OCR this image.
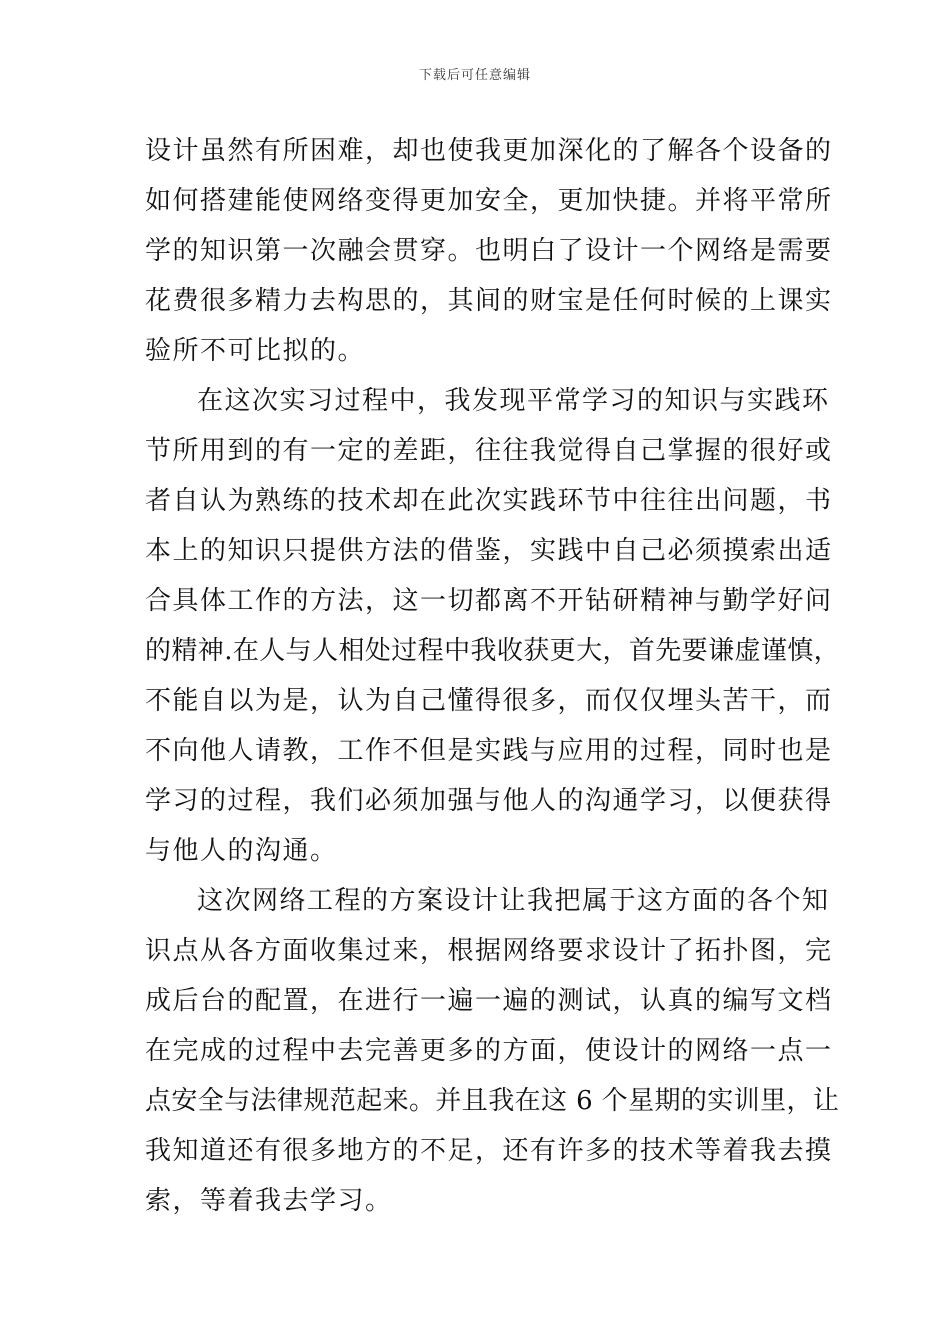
下载后可任意编辑
设计虽然有所困难，却也使我更加深化的了解各个设备的
如何搭建能使网络变得更加安全，更加快捷。并将平常所
学的知识第一次融会贯穿。也明白了设计一个网络是需要
花费很多精力去构思的，其间的财宝是任何时候的上课实
验所不可比拟的。
在这次实习过程中，我发现平常学习的知识与实践环
节所用到的有一定的差距，往往我觉得自己掌握的很好或
者自认为熟练的技术却在此次实践环节中往往出问题，书
本上的知识只提供方法的借鉴，实践中自己必须摸索出适
合具体工作的方法，这一切都离不开钻研精神与勤学好问
的精神.在人与人相处过程中我收获更大，首先要谦虚谨慎，
不能自以为是，认为自己懂得很多，而仅仅埋头苦干，而
不向他人请教，工作不但是实践与应用的过程，同时也是
学习的过程，我们必须加强与他人的沟通学习，以便获得
与他人的沟通。
这次网络工程的方案设计让我把属于这方面的各个知
识点从各方面收集过来，根据网络要求设计了拓扑图，完
成后台的配置，在进行一遍一遍的测试，认真的编写文档
在完成的过程中去完善更多的方面，使设计的网络一点一
点安全与法律规范起来。并且我在这 6 个星期的实训里，让
我知道还有很多地方的不足，还有许多的技术等着我去摸
索，等着我去学习。
